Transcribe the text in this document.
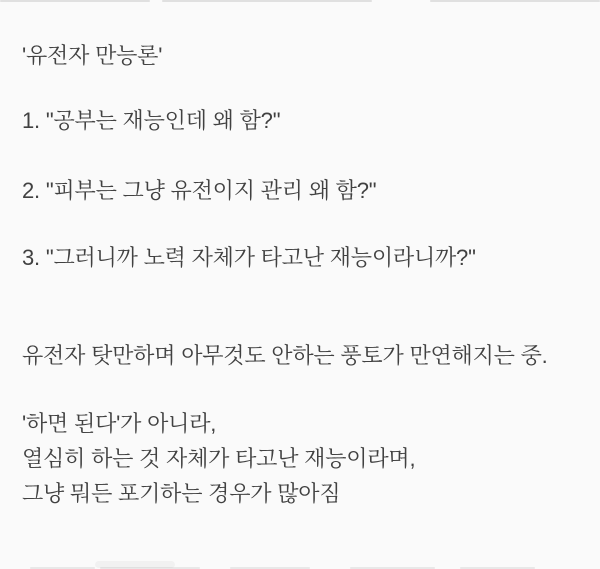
'유전자 만능론'
1. "공부는 재능인데 왜 함?"
2. "피부는 그냥 유전이지 관리 왜 함?"
3. "그러니까 노력 자체가 타고난 재능이라니까?"
유전자 탓만하며 아무것도 안하는 풍토가 만연해지는 중.
'하면 된다'가 아니라,
열심히 하는 것 자체가 타고난 재능이라며,
그냥 뭐든 포기하는 경우가 많아짐
